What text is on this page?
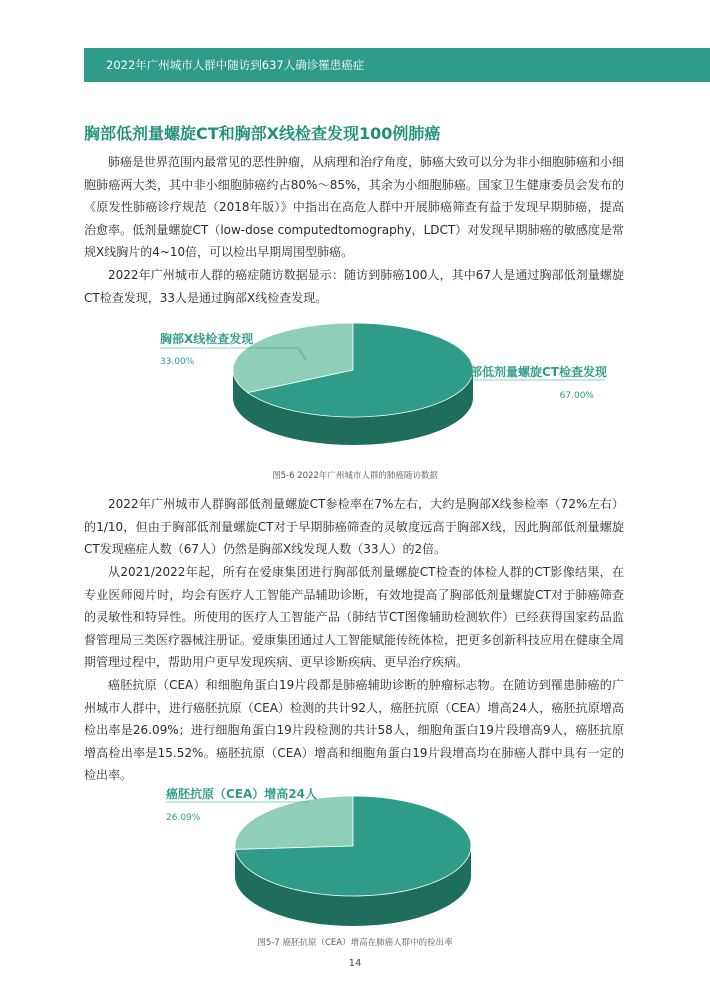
2022年广州城市人群中随访到637人确诊罹患癌症
胸部低剂量螺旋CT和胸部X线检查发现100例肺癌

肺癌是世界范围内最常见的恶性肿瘤，从病理和治疗角度，肺癌大致可以分为非小细胞肺癌和小细胞肺癌两大类，其中非小细胞肺癌约占80%～85%，其余为小细胞肺癌。国家卫生健康委员会发布的《原发性肺癌诊疗规范（2018年版）》中指出在高危人群中开展肺癌筛查有益于发现早期肺癌，提高治愈率。低剂量螺旋CT（low-dose computedtomography，LDCT）对发现早期肺癌的敏感度是常规X线胸片的4~10倍，可以检出早期周围型肺癌。

2022年广州城市人群的癌症随访数据显示：随访到肺癌100人，其中67人是通过胸部低剂量螺旋CT检查发现，33人是通过胸部X线检查发现。

胸部X线检查发现
33.00%
胸部低剂量螺旋CT检查发现
67.00%
图5-6 2022年广州城市人群的肺癌随访数据

2022年广州城市人群胸部低剂量螺旋CT参检率在7%左右，大约是胸部X线参检率（72%左右）的1/10，但由于胸部低剂量螺旋CT对于早期肺癌筛查的灵敏度远高于胸部X线，因此胸部低剂量螺旋CT发现癌症人数（67人）仍然是胸部X线发现人数（33人）的2倍。

从2021/2022年起，所有在爱康集团进行胸部低剂量螺旋CT检查的体检人群的CT影像结果，在专业医师阅片时，均会有医疗人工智能产品辅助诊断，有效地提高了胸部低剂量螺旋CT对于肺癌筛查的灵敏性和特异性。所使用的医疗人工智能产品（肺结节CT图像辅助检测软件）已经获得国家药品监督管理局三类医疗器械注册证。爱康集团通过人工智能赋能传统体检，把更多创新科技应用在健康全周期管理过程中，帮助用户更早发现疾病、更早诊断疾病、更早治疗疾病。

癌胚抗原（CEA）和细胞角蛋白19片段都是肺癌辅助诊断的肿瘤标志物。在随访到罹患肺癌的广州城市人群中，进行癌胚抗原（CEA）检测的共计92人，癌胚抗原（CEA）增高24人，癌胚抗原增高检出率是26.09%；进行细胞角蛋白19片段检测的共计58人，细胞角蛋白19片段增高9人，癌胚抗原增高检出率是15.52%。癌胚抗原（CEA）增高和细胞角蛋白19片段增高均在肺癌人群中具有一定的检出率。

癌胚抗原（CEA）增高24人
26.09%
图5-7 癌胚抗原（CEA）增高在肺癌人群中的检出率
14
